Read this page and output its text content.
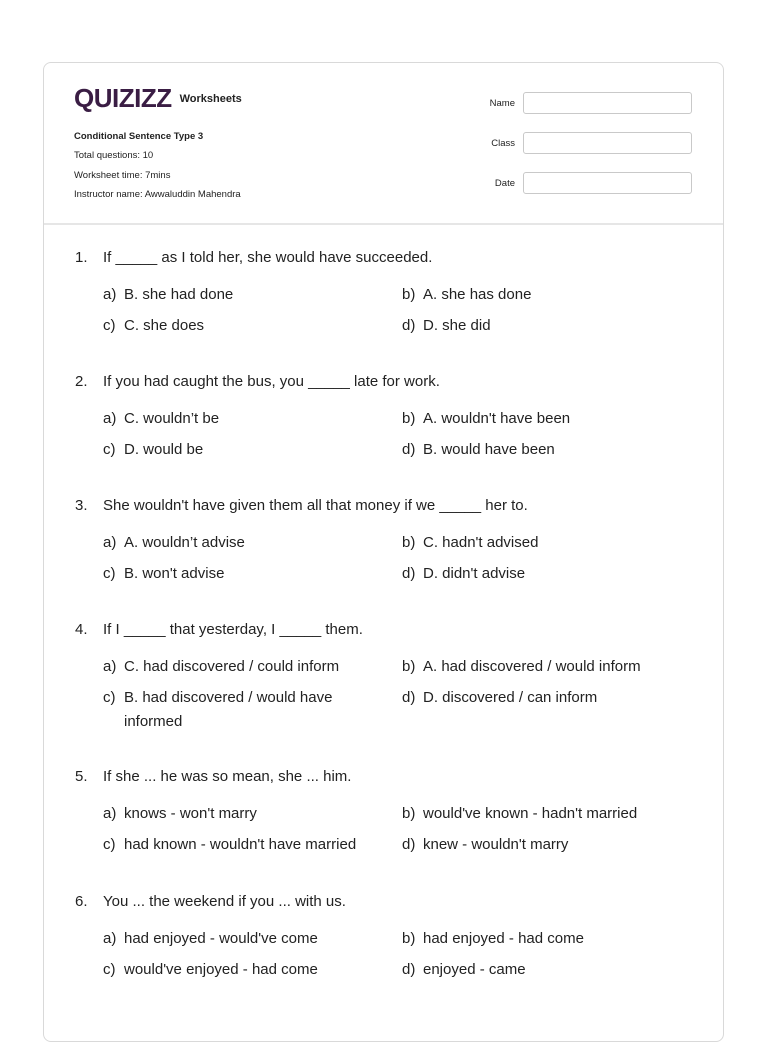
QUIZIZZ Worksheets
Conditional Sentence Type 3
Total questions: 10
Worksheet time: 7mins
Instructor name: Awwaluddin Mahendra
Name
Class
Date
1. If _____ as I told her, she would have succeeded.
a) B. she had done	b) A. she has done
c) C. she does	d) D. she did
2. If you had caught the bus, you _____ late for work.
a) C. wouldn’t be	b) A. wouldn't have been
c) D. would be	d) B. would have been
3. She wouldn't have given them all that money if we _____ her to.
a) A. wouldn’t advise	b) C. hadn't advised
c) B. won't advise	d) D. didn't advise
4. If I _____ that yesterday, I _____ them.
a) C. had discovered / could inform	b) A. had discovered / would inform
c) B. had discovered / would have informed
d) D. discovered / can inform
5. If she ... he was so mean, she ... him.
a) knows - won't marry	b) would've known - hadn't married
c) had known - wouldn't have married	d) knew - wouldn't marry
6. You ... the weekend if you ... with us.
a) had enjoyed - would've come	b) had enjoyed - had come
c) would've enjoyed - had come	d) enjoyed - came
